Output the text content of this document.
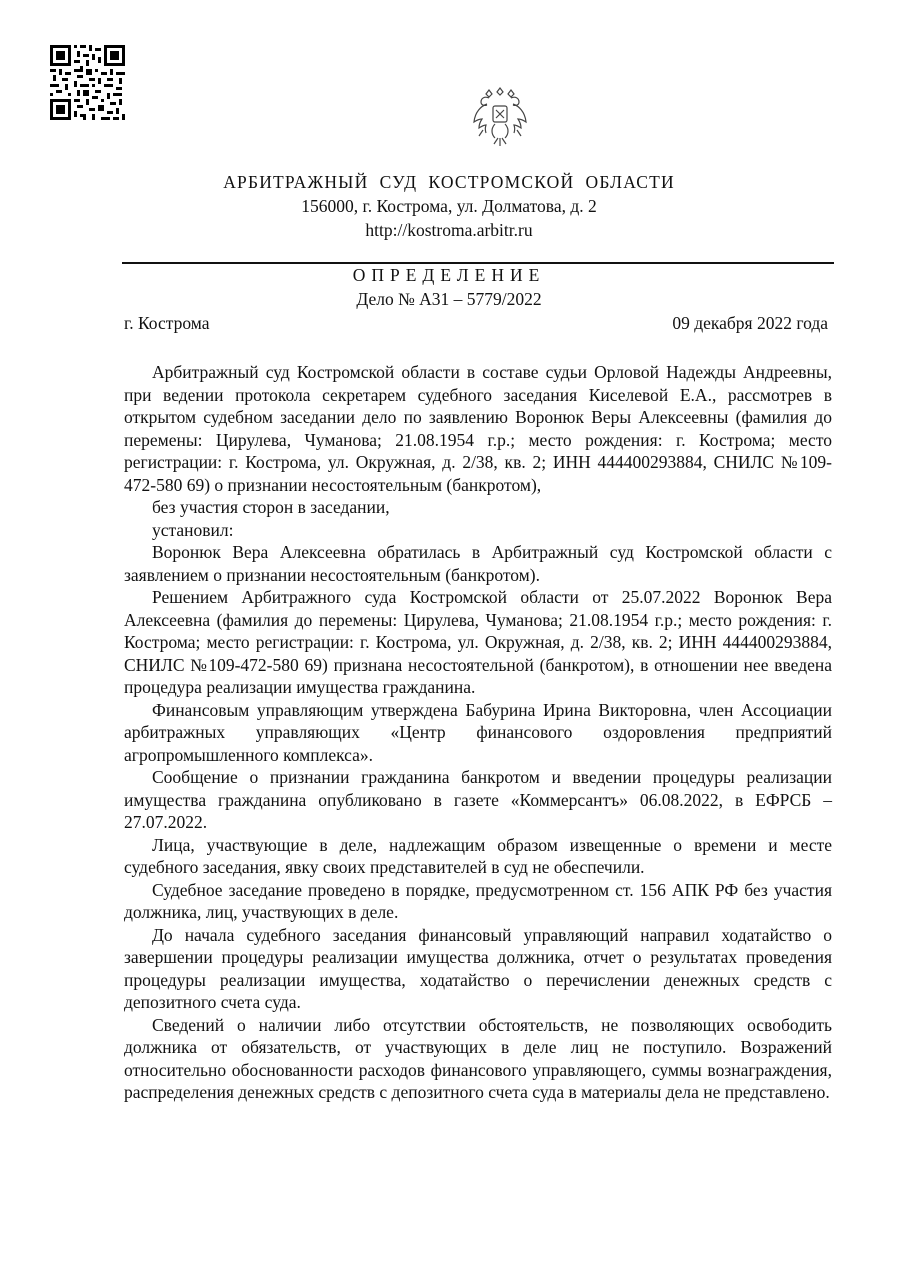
АРБИТРАЖНЫЙ  СУД  КОСТРОМСКОЙ  ОБЛАСТИ
156000, г. Кострома, ул. Долматова, д. 2
http://kostroma.arbitr.ru
ОПРЕДЕЛЕНИЕ
Дело № А31 – 5779/2022
г. Кострома	09 декабря 2022 года

Арбитражный суд Костромской области в составе судьи Орловой Надежды Андреевны, при ведении протокола секретарем судебного заседания Киселевой Е.А., рассмотрев в открытом судебном заседании дело по заявлению Воронюк Веры Алексеевны (фамилия до перемены: Цирулева, Чуманова; 21.08.1954 г.р.; место рождения: г. Кострома; место регистрации: г. Кострома, ул. Окружная, д. 2/38, кв. 2; ИНН 444400293884, СНИЛС №109-472-580 69) о признании несостоятельным (банкротом),

без участия сторон в заседании,

установил:

Воронюк Вера Алексеевна обратилась в Арбитражный суд Костромской области с заявлением о признании несостоятельным (банкротом).

Решением Арбитражного суда Костромской области от 25.07.2022 Воронюк Вера Алексеевна (фамилия до перемены: Цирулева, Чуманова; 21.08.1954 г.р.; место рождения: г. Кострома; место регистрации: г. Кострома, ул. Окружная, д. 2/38, кв. 2; ИНН 444400293884, СНИЛС №109-472-580 69) признана несостоятельной (банкротом), в отношении нее введена процедура реализации имущества гражданина.

Финансовым управляющим утверждена Бабурина Ирина Викторовна, член Ассоциации арбитражных управляющих «Центр финансового оздоровления предприятий агропромышленного комплекса».

Сообщение о признании гражданина банкротом и введении процедуры реализации имущества гражданина опубликовано в газете «Коммерсантъ» 06.08.2022, в ЕФРСБ – 27.07.2022.

Лица, участвующие в деле, надлежащим образом извещенные о времени и месте судебного заседания, явку своих представителей в суд не обеспечили.

Судебное заседание проведено в порядке, предусмотренном ст. 156 АПК РФ без участия должника, лиц, участвующих в деле.

До начала судебного заседания финансовый управляющий направил ходатайство о завершении процедуры реализации имущества должника, отчет о результатах проведения процедуры реализации имущества, ходатайство о перечислении денежных средств с депозитного счета суда.

Сведений о наличии либо отсутствии обстоятельств, не позволяющих освободить должника от обязательств, от участвующих в деле лиц не поступило. Возражений относительно обоснованности расходов финансового управляющего, суммы вознаграждения, распределения денежных средств с депозитного счета суда в материалы дела не представлено.
